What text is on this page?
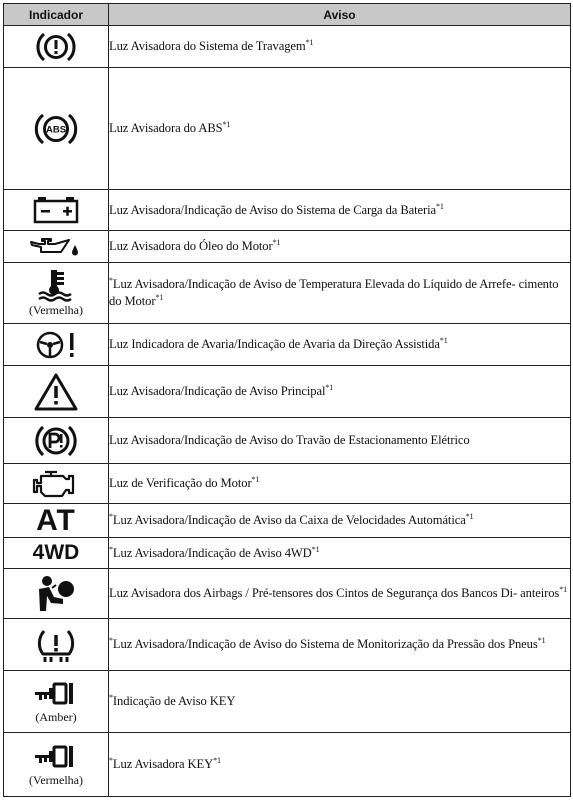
Indicador	Aviso

	Luz Avisadora do Sistema de Travagem$^{*1}$

ABS	Luz Avisadora do ABS$^{*1}$

	Luz Avisadora/Indicação de Aviso do Sistema de Carga da Bateria$^{*1}$

	Luz Avisadora do Óleo do Motor$^{*1}$

(Vermelha)	*Luz Avisadora/Indicação de Aviso de Temperatura Elevada do Líquido de Arrefe- cimento do Motor$^{*1}$

	Luz Indicadora de Avaria/Indicação de Avaria da Direção Assistida$^{*1}$

	Luz Avisadora/Indicação de Aviso Principal$^{*1}$

	Luz Avisadora/Indicação de Aviso do Travão de Estacionamento Elétrico

	Luz de Verificação do Motor$^{*1}$

AT	*Luz Avisadora/Indicação de Aviso da Caixa de Velocidades Automática$^{*1}$

4WD	*Luz Avisadora/Indicação de Aviso 4WD$^{*1}$

	Luz Avisadora dos Airbags / Pré-tensores dos Cintos de Segurança dos Bancos Di- anteiros$^{*1}$

	*Luz Avisadora/Indicação de Aviso do Sistema de Monitorização da Pressão dos Pneus$^{*1}$

(Amber)	*Indicação de Aviso KEY

(Vermelha)	*Luz Avisadora KEY$^{*1}$
